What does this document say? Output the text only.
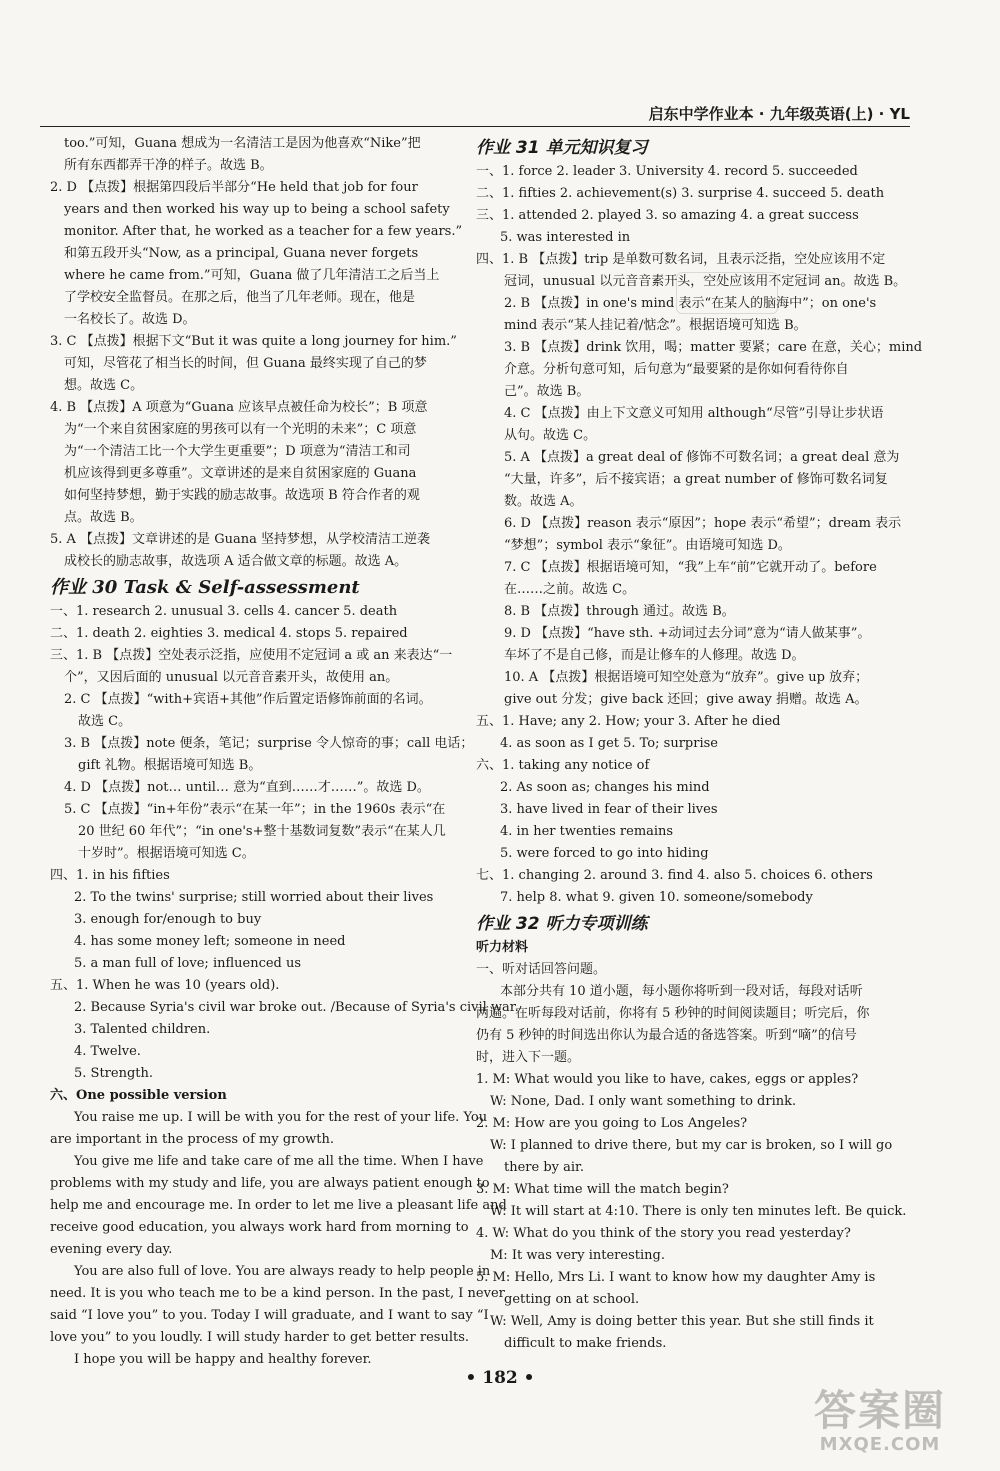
启东中学作业本 · 九年级英语(上) · YL
too.”可知，Guana 想成为一名清洁工是因为他喜欢“Nike”把
所有东西都弄干净的样子。故选 B。
2. D 【点拨】根据第四段后半部分“He held that job for four
years and then worked his way up to being a school safety
monitor. After that, he worked as a teacher for a few years.”
和第五段开头“Now, as a principal, Guana never forgets
where he came from.”可知，Guana 做了几年清洁工之后当上
了学校安全监督员。在那之后，他当了几年老师。现在，他是
一名校长了。故选 D。
3. C 【点拨】根据下文“But it was quite a long journey for him.”
可知，尽管花了相当长的时间，但 Guana 最终实现了自己的梦
想。故选 C。
4. B 【点拨】A 项意为“Guana 应该早点被任命为校长”；B 项意
为“一个来自贫困家庭的男孩可以有一个光明的未来”；C 项意
为“一个清洁工比一个大学生更重要”；D 项意为“清洁工和司
机应该得到更多尊重”。文章讲述的是来自贫困家庭的 Guana
如何坚持梦想，勤于实践的励志故事。故选项 B 符合作者的观
点。故选 B。
5. A 【点拨】文章讲述的是 Guana 坚持梦想，从学校清洁工逆袭
成校长的励志故事，故选项 A 适合做文章的标题。故选 A。
作业 30 Task & Self-assessment
一、1. research 2. unusual 3. cells 4. cancer 5. death
二、1. death 2. eighties 3. medical 4. stops 5. repaired
三、1. B 【点拨】空处表示泛指，应使用不定冠词 a 或 an 来表达“一
个”，又因后面的 unusual 以元音音素开头，故使用 an。
2. C 【点拨】“with+宾语+其他”作后置定语修饰前面的名词。
故选 C。
3. B 【点拨】note 便条，笔记；surprise 令人惊奇的事；call 电话；
gift 礼物。根据语境可知选 B。
4. D 【点拨】not… until… 意为“直到……才……”。故选 D。
5. C 【点拨】“in+年份”表示“在某一年”；in the 1960s 表示“在
20 世纪 60 年代”；“in one's+整十基数词复数”表示“在某人几
十岁时”。根据语境可知选 C。
四、1. in his fifties
2. To the twins' surprise; still worried about their lives
3. enough for/enough to buy
4. has some money left; someone in need
5. a man full of love; influenced us
五、1. When he was 10 (years old).
2. Because Syria's civil war broke out. /Because of Syria's civil war.
3. Talented children.
4. Twelve.
5. Strength.
六、One possible version
You raise me up. I will be with you for the rest of your life. You
are important in the process of my growth.
You give me life and take care of me all the time. When I have
problems with my study and life, you are always patient enough to
help me and encourage me. In order to let me live a pleasant life and
receive good education, you always work hard from morning to
evening every day.
You are also full of love. You are always ready to help people in
need. It is you who teach me to be a kind person. In the past, I never
said “I love you” to you. Today I will graduate, and I want to say “I
love you” to you loudly. I will study harder to get better results.
I hope you will be happy and healthy forever.
作业 31 单元知识复习
一、1. force 2. leader 3. University 4. record 5. succeeded
二、1. fifties 2. achievement(s) 3. surprise 4. succeed 5. death
三、1. attended 2. played 3. so amazing 4. a great success
5. was interested in
四、1. B 【点拨】trip 是单数可数名词，且表示泛指，空处应该用不定
冠词，unusual 以元音音素开头，空处应该用不定冠词 an。故选 B。
2. B 【点拨】in one's mind 表示“在某人的脑海中”；on one's
mind 表示“某人挂记着/惦念”。根据语境可知选 B。
3. B 【点拨】drink 饮用，喝；matter 要紧；care 在意，关心；mind
介意。分析句意可知，后句意为“最要紧的是你如何看待你自
己”。故选 B。
4. C 【点拨】由上下文意义可知用 although“尽管”引导让步状语
从句。故选 C。
5. A 【点拨】a great deal of 修饰不可数名词；a great deal 意为
“大量，许多”，后不接宾语；a great number of 修饰可数名词复
数。故选 A。
6. D 【点拨】reason 表示“原因”；hope 表示“希望”；dream 表示
“梦想”；symbol 表示“象征”。由语境可知选 D。
7. C 【点拨】根据语境可知，“我”上车“前”它就开动了。before
在……之前。故选 C。
8. B 【点拨】through 通过。故选 B。
9. D 【点拨】“have sth. +动词过去分词”意为“请人做某事”。
车坏了不是自己修，而是让修车的人修理。故选 D。
10. A 【点拨】根据语境可知空处意为“放弃”。give up 放弃；
give out 分发；give back 还回；give away 捐赠。故选 A。
五、1. Have; any 2. How; your 3. After he died
4. as soon as I get 5. To; surprise
六、1. taking any notice of
2. As soon as; changes his mind
3. have lived in fear of their lives
4. in her twenties remains
5. were forced to go into hiding
七、1. changing 2. around 3. find 4. also 5. choices 6. others
7. help 8. what 9. given 10. someone/somebody
作业 32 听力专项训练
听力材料
一、听对话回答问题。
本部分共有 10 道小题，每小题你将听到一段对话，每段对话听
两遍。在听每段对话前，你将有 5 秒钟的时间阅读题目；听完后，你
仍有 5 秒钟的时间选出你认为最合适的备选答案。听到“嘀”的信号
时，进入下一题。
1. M: What would you like to have, cakes, eggs or apples?
W: None, Dad. I only want something to drink.
2. M: How are you going to Los Angeles?
W: I planned to drive there, but my car is broken, so I will go
there by air.
3. M: What time will the match begin?
W: It will start at 4:10. There is only ten minutes left. Be quick.
4. W: What do you think of the story you read yesterday?
M: It was very interesting.
5. M: Hello, Mrs Li. I want to know how my daughter Amy is
getting on at school.
W: Well, Amy is doing better this year. But she still finds it
difficult to make friends.
• 182 •
答案圈
MXQE.COM
